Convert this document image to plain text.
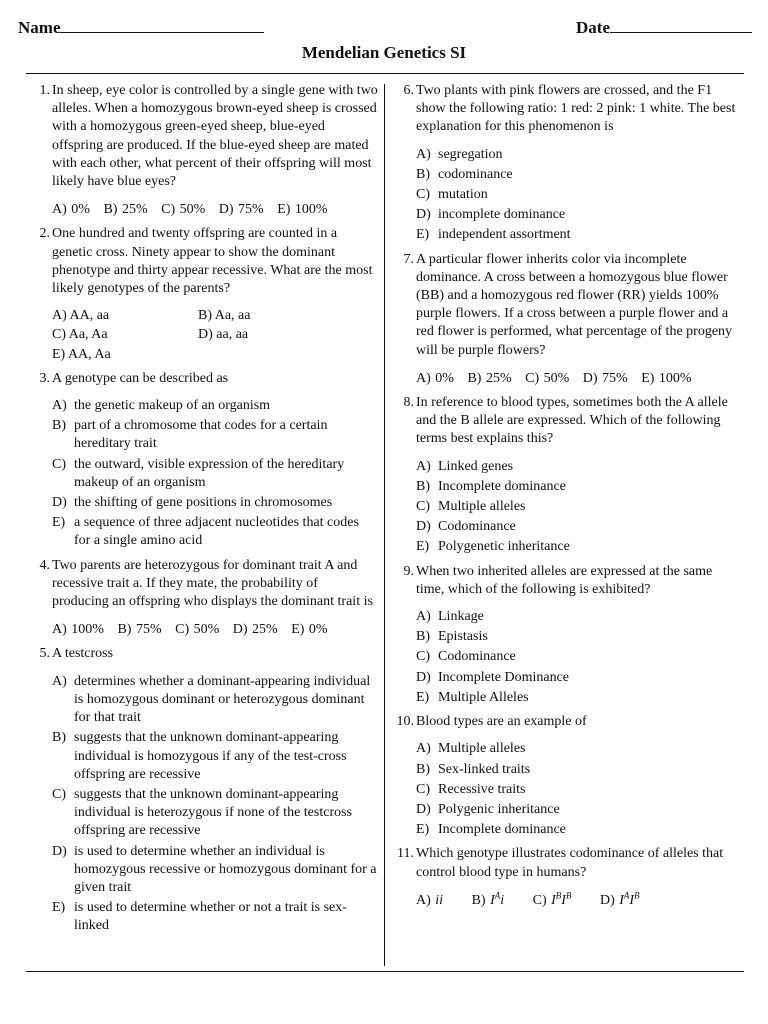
Name	Date
Mendelian Genetics SI
1. In sheep, eye color is controlled by a single gene with two alleles. When a homozygous brown-eyed sheep is crossed with a homozygous green-eyed sheep, blue-eyed offspring are produced. If the blue-eyed sheep are mated with each other, what percent of their offspring will most likely have blue eyes?
A) 0% B) 25% C) 50% D) 75% E) 100%
2. One hundred and twenty offspring are counted in a genetic cross. Ninety appear to show the dominant phenotype and thirty appear recessive. What are the most likely genotypes of the parents?
A) AA, aa	B) Aa, aa
C) Aa, Aa	D) aa, aa
E) AA, Aa
3. A genotype can be described as
A) the genetic makeup of an organism
B) part of a chromosome that codes for a certain hereditary trait
C) the outward, visible expression of the hereditary makeup of an organism
D) the shifting of gene positions in chromosomes
E) a sequence of three adjacent nucleotides that codes for a single amino acid
4. Two parents are heterozygous for dominant trait A and recessive trait a. If they mate, the probability of producing an offspring who displays the dominant trait is
A) 100% B) 75% C) 50% D) 25% E) 0%
5. A testcross
A) determines whether a dominant-appearing individual is homozygous dominant or heterozygous dominant for that trait
B) suggests that the unknown dominant-appearing individual is homozygous if any of the test-cross offspring are recessive
C) suggests that the unknown dominant-appearing individual is heterozygous if none of the testcross offspring are recessive
D) is used to determine whether an individual is homozygous recessive or homozygous dominant for a given trait
E) is used to determine whether or not a trait is sex-linked
6. Two plants with pink flowers are crossed, and the F1 show the following ratio: 1 red: 2 pink: 1 white. The best explanation for this phenomenon is
A) segregation
B) codominance
C) mutation
D) incomplete dominance
E) independent assortment
7. A particular flower inherits color via incomplete dominance. A cross between a homozygous blue flower (BB) and a homozygous red flower (RR) yields 100% purple flowers. If a cross between a purple flower and a red flower is performed, what percentage of the progeny will be purple flowers?
A) 0% B) 25% C) 50% D) 75% E) 100%
8. In reference to blood types, sometimes both the A allele and the B allele are expressed. Which of the following terms best explains this?
A) Linked genes
B) Incomplete dominance
C) Multiple alleles
D) Codominance
E) Polygenetic inheritance
9. When two inherited alleles are expressed at the same time, which of the following is exhibited?
A) Linkage
B) Epistasis
C) Codominance
D) Incomplete Dominance
E) Multiple Alleles
10. Blood types are an example of
A) Multiple alleles
B) Sex-linked traits
C) Recessive traits
D) Polygenic inheritance
E) Incomplete dominance
11. Which genotype illustrates codominance of alleles that control blood type in humans?
A) ii B) $I^Ai$ C) $I^BI^B$ D) $I^AI^B$
